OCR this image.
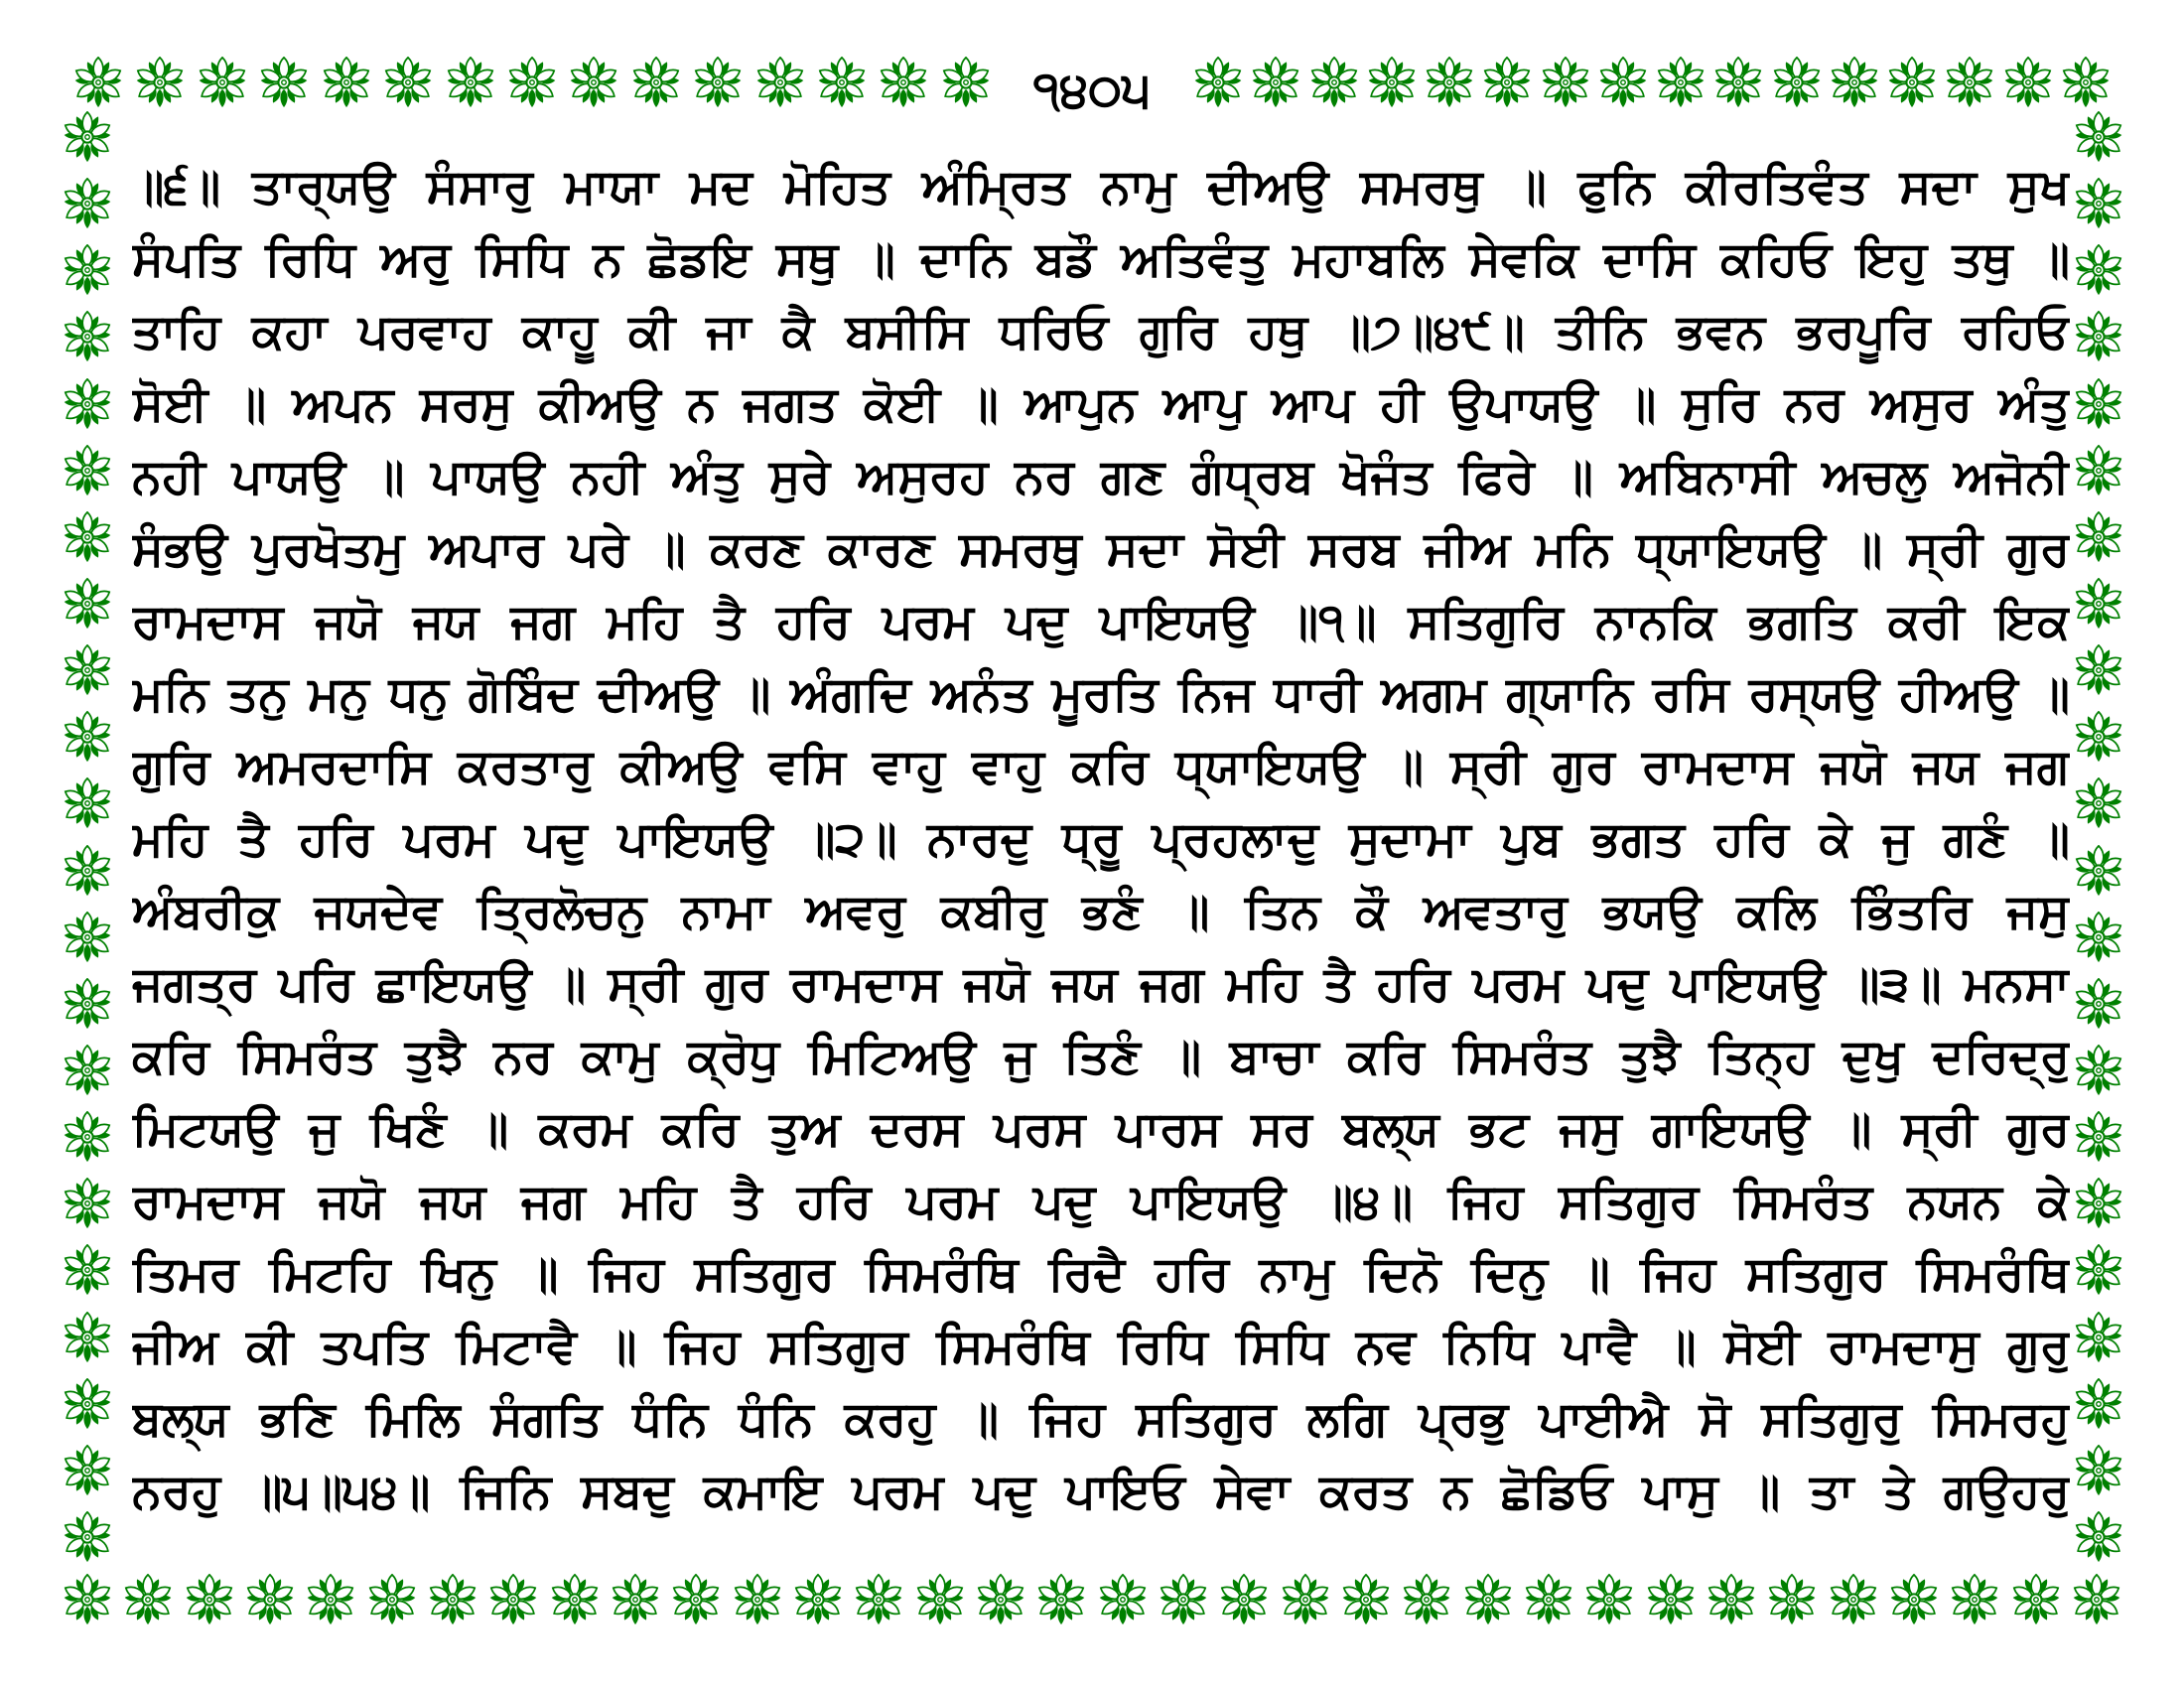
੧੪੦੫
॥੬॥ ਤਾਰ੍ਯਉ ਸੰਸਾਰੁ ਮਾਯਾ ਮਦ ਮੋਹਿਤ ਅੰਮ੍ਰਿਤ ਨਾਮੁ ਦੀਅਉ ਸਮਰਥੁ ॥ ਫੁਨਿ ਕੀਰਤਿਵੰਤ ਸਦਾ ਸੁਖ
ਸੰਪਤਿ ਰਿਧਿ ਅਰੁ ਸਿਧਿ ਨ ਛੋਡਇ ਸਥੁ ॥ ਦਾਨਿ ਬਡੌ ਅਤਿਵੰਤੁ ਮਹਾਬਲਿ ਸੇਵਕਿ ਦਾਸਿ ਕਹਿਓ ਇਹੁ ਤਥੁ ॥
ਤਾਹਿ ਕਹਾ ਪਰਵਾਹ ਕਾਹੂ ਕੀ ਜਾ ਕੈ ਬਸੀਸਿ ਧਰਿਓ ਗੁਰਿ ਹਥੁ ॥੭॥੪੯॥ ਤੀਨਿ ਭਵਨ ਭਰਪੂਰਿ ਰਹਿਓ
ਸੋਈ ॥ ਅਪਨ ਸਰਸੁ ਕੀਅਉ ਨ ਜਗਤ ਕੋਈ ॥ ਆਪੁਨ ਆਪੁ ਆਪ ਹੀ ਉਪਾਯਉ ॥ ਸੁਰਿ ਨਰ ਅਸੁਰ ਅੰਤੁ
ਨਹੀ ਪਾਯਉ ॥ ਪਾਯਉ ਨਹੀ ਅੰਤੁ ਸੁਰੇ ਅਸੁਰਹ ਨਰ ਗਣ ਗੰਧ੍ਰਬ ਖੋਜੰਤ ਫਿਰੇ ॥ ਅਬਿਨਾਸੀ ਅਚਲੁ ਅਜੋਨੀ
ਸੰਭਉ ਪੁਰਖੋਤਮੁ ਅਪਾਰ ਪਰੇ ॥ ਕਰਣ ਕਾਰਣ ਸਮਰਥੁ ਸਦਾ ਸੋਈ ਸਰਬ ਜੀਅ ਮਨਿ ਧ੍ਯਾਇਯਉ ॥ ਸ੍ਰੀ ਗੁਰ
ਰਾਮਦਾਸ ਜਯੋ ਜਯ ਜਗ ਮਹਿ ਤੈ ਹਰਿ ਪਰਮ ਪਦੁ ਪਾਇਯਉ ॥੧॥ ਸਤਿਗੁਰਿ ਨਾਨਕਿ ਭਗਤਿ ਕਰੀ ਇਕ
ਮਨਿ ਤਨੁ ਮਨੁ ਧਨੁ ਗੋਬਿੰਦ ਦੀਅਉ ॥ ਅੰਗਦਿ ਅਨੰਤ ਮੂਰਤਿ ਨਿਜ ਧਾਰੀ ਅਗਮ ਗ੍ਯਾਨਿ ਰਸਿ ਰਸ੍ਯਉ ਹੀਅਉ ॥
ਗੁਰਿ ਅਮਰਦਾਸਿ ਕਰਤਾਰੁ ਕੀਅਉ ਵਸਿ ਵਾਹੁ ਵਾਹੁ ਕਰਿ ਧ੍ਯਾਇਯਉ ॥ ਸ੍ਰੀ ਗੁਰ ਰਾਮਦਾਸ ਜਯੋ ਜਯ ਜਗ
ਮਹਿ ਤੈ ਹਰਿ ਪਰਮ ਪਦੁ ਪਾਇਯਉ ॥੨॥ ਨਾਰਦੁ ਧ੍ਰੂ ਪ੍ਰਹਲਾਦੁ ਸੁਦਾਮਾ ਪੁਬ ਭਗਤ ਹਰਿ ਕੇ ਜੁ ਗਣੰ ॥
ਅੰਬਰੀਕੁ ਜਯਦੇਵ ਤ੍ਰਿਲੋਚਨੁ ਨਾਮਾ ਅਵਰੁ ਕਬੀਰੁ ਭਣੰ ॥ ਤਿਨ ਕੌ ਅਵਤਾਰੁ ਭਯਉ ਕਲਿ ਭਿੰਤਰਿ ਜਸੁ
ਜਗਤ੍ਰ ਪਰਿ ਛਾਇਯਉ ॥ ਸ੍ਰੀ ਗੁਰ ਰਾਮਦਾਸ ਜਯੋ ਜਯ ਜਗ ਮਹਿ ਤੈ ਹਰਿ ਪਰਮ ਪਦੁ ਪਾਇਯਉ ॥੩॥ ਮਨਸਾ
ਕਰਿ ਸਿਮਰੰਤ ਤੁਝੈ ਨਰ ਕਾਮੁ ਕ੍ਰੋਧੁ ਮਿਟਿਅਉ ਜੁ ਤਿਣੰ ॥ ਬਾਚਾ ਕਰਿ ਸਿਮਰੰਤ ਤੁਝੈ ਤਿਨ੍ਹ ਦੁਖੁ ਦਰਿਦ੍ਰੁ
ਮਿਟਯਉ ਜੁ ਖਿਣੰ ॥ ਕਰਮ ਕਰਿ ਤੁਅ ਦਰਸ ਪਰਸ ਪਾਰਸ ਸਰ ਬਲ੍ਯ ਭਟ ਜਸੁ ਗਾਇਯਉ ॥ ਸ੍ਰੀ ਗੁਰ
ਰਾਮਦਾਸ ਜਯੋ ਜਯ ਜਗ ਮਹਿ ਤੈ ਹਰਿ ਪਰਮ ਪਦੁ ਪਾਇਯਉ ॥੪॥ ਜਿਹ ਸਤਿਗੁਰ ਸਿਮਰੰਤ ਨਯਨ ਕੇ
ਤਿਮਰ ਮਿਟਹਿ ਖਿਨੁ ॥ ਜਿਹ ਸਤਿਗੁਰ ਸਿਮਰੰਥਿ ਰਿਦੈ ਹਰਿ ਨਾਮੁ ਦਿਨੋ ਦਿਨੁ ॥ ਜਿਹ ਸਤਿਗੁਰ ਸਿਮਰੰਥਿ
ਜੀਅ ਕੀ ਤਪਤਿ ਮਿਟਾਵੈ ॥ ਜਿਹ ਸਤਿਗੁਰ ਸਿਮਰੰਥਿ ਰਿਧਿ ਸਿਧਿ ਨਵ ਨਿਧਿ ਪਾਵੈ ॥ ਸੋਈ ਰਾਮਦਾਸੁ ਗੁਰੁ
ਬਲ੍ਯ ਭਣਿ ਮਿਲਿ ਸੰਗਤਿ ਧੰਨਿ ਧੰਨਿ ਕਰਹੁ ॥ ਜਿਹ ਸਤਿਗੁਰ ਲਗਿ ਪ੍ਰਭੁ ਪਾਈਐ ਸੋ ਸਤਿਗੁਰੁ ਸਿਮਰਹੁ
ਨਰਹੁ ॥੫॥੫੪॥ ਜਿਨਿ ਸਬਦੁ ਕਮਾਇ ਪਰਮ ਪਦੁ ਪਾਇਓ ਸੇਵਾ ਕਰਤ ਨ ਛੋਡਿਓ ਪਾਸੁ ॥ ਤਾ ਤੇ ਗਉਹਰੁ
